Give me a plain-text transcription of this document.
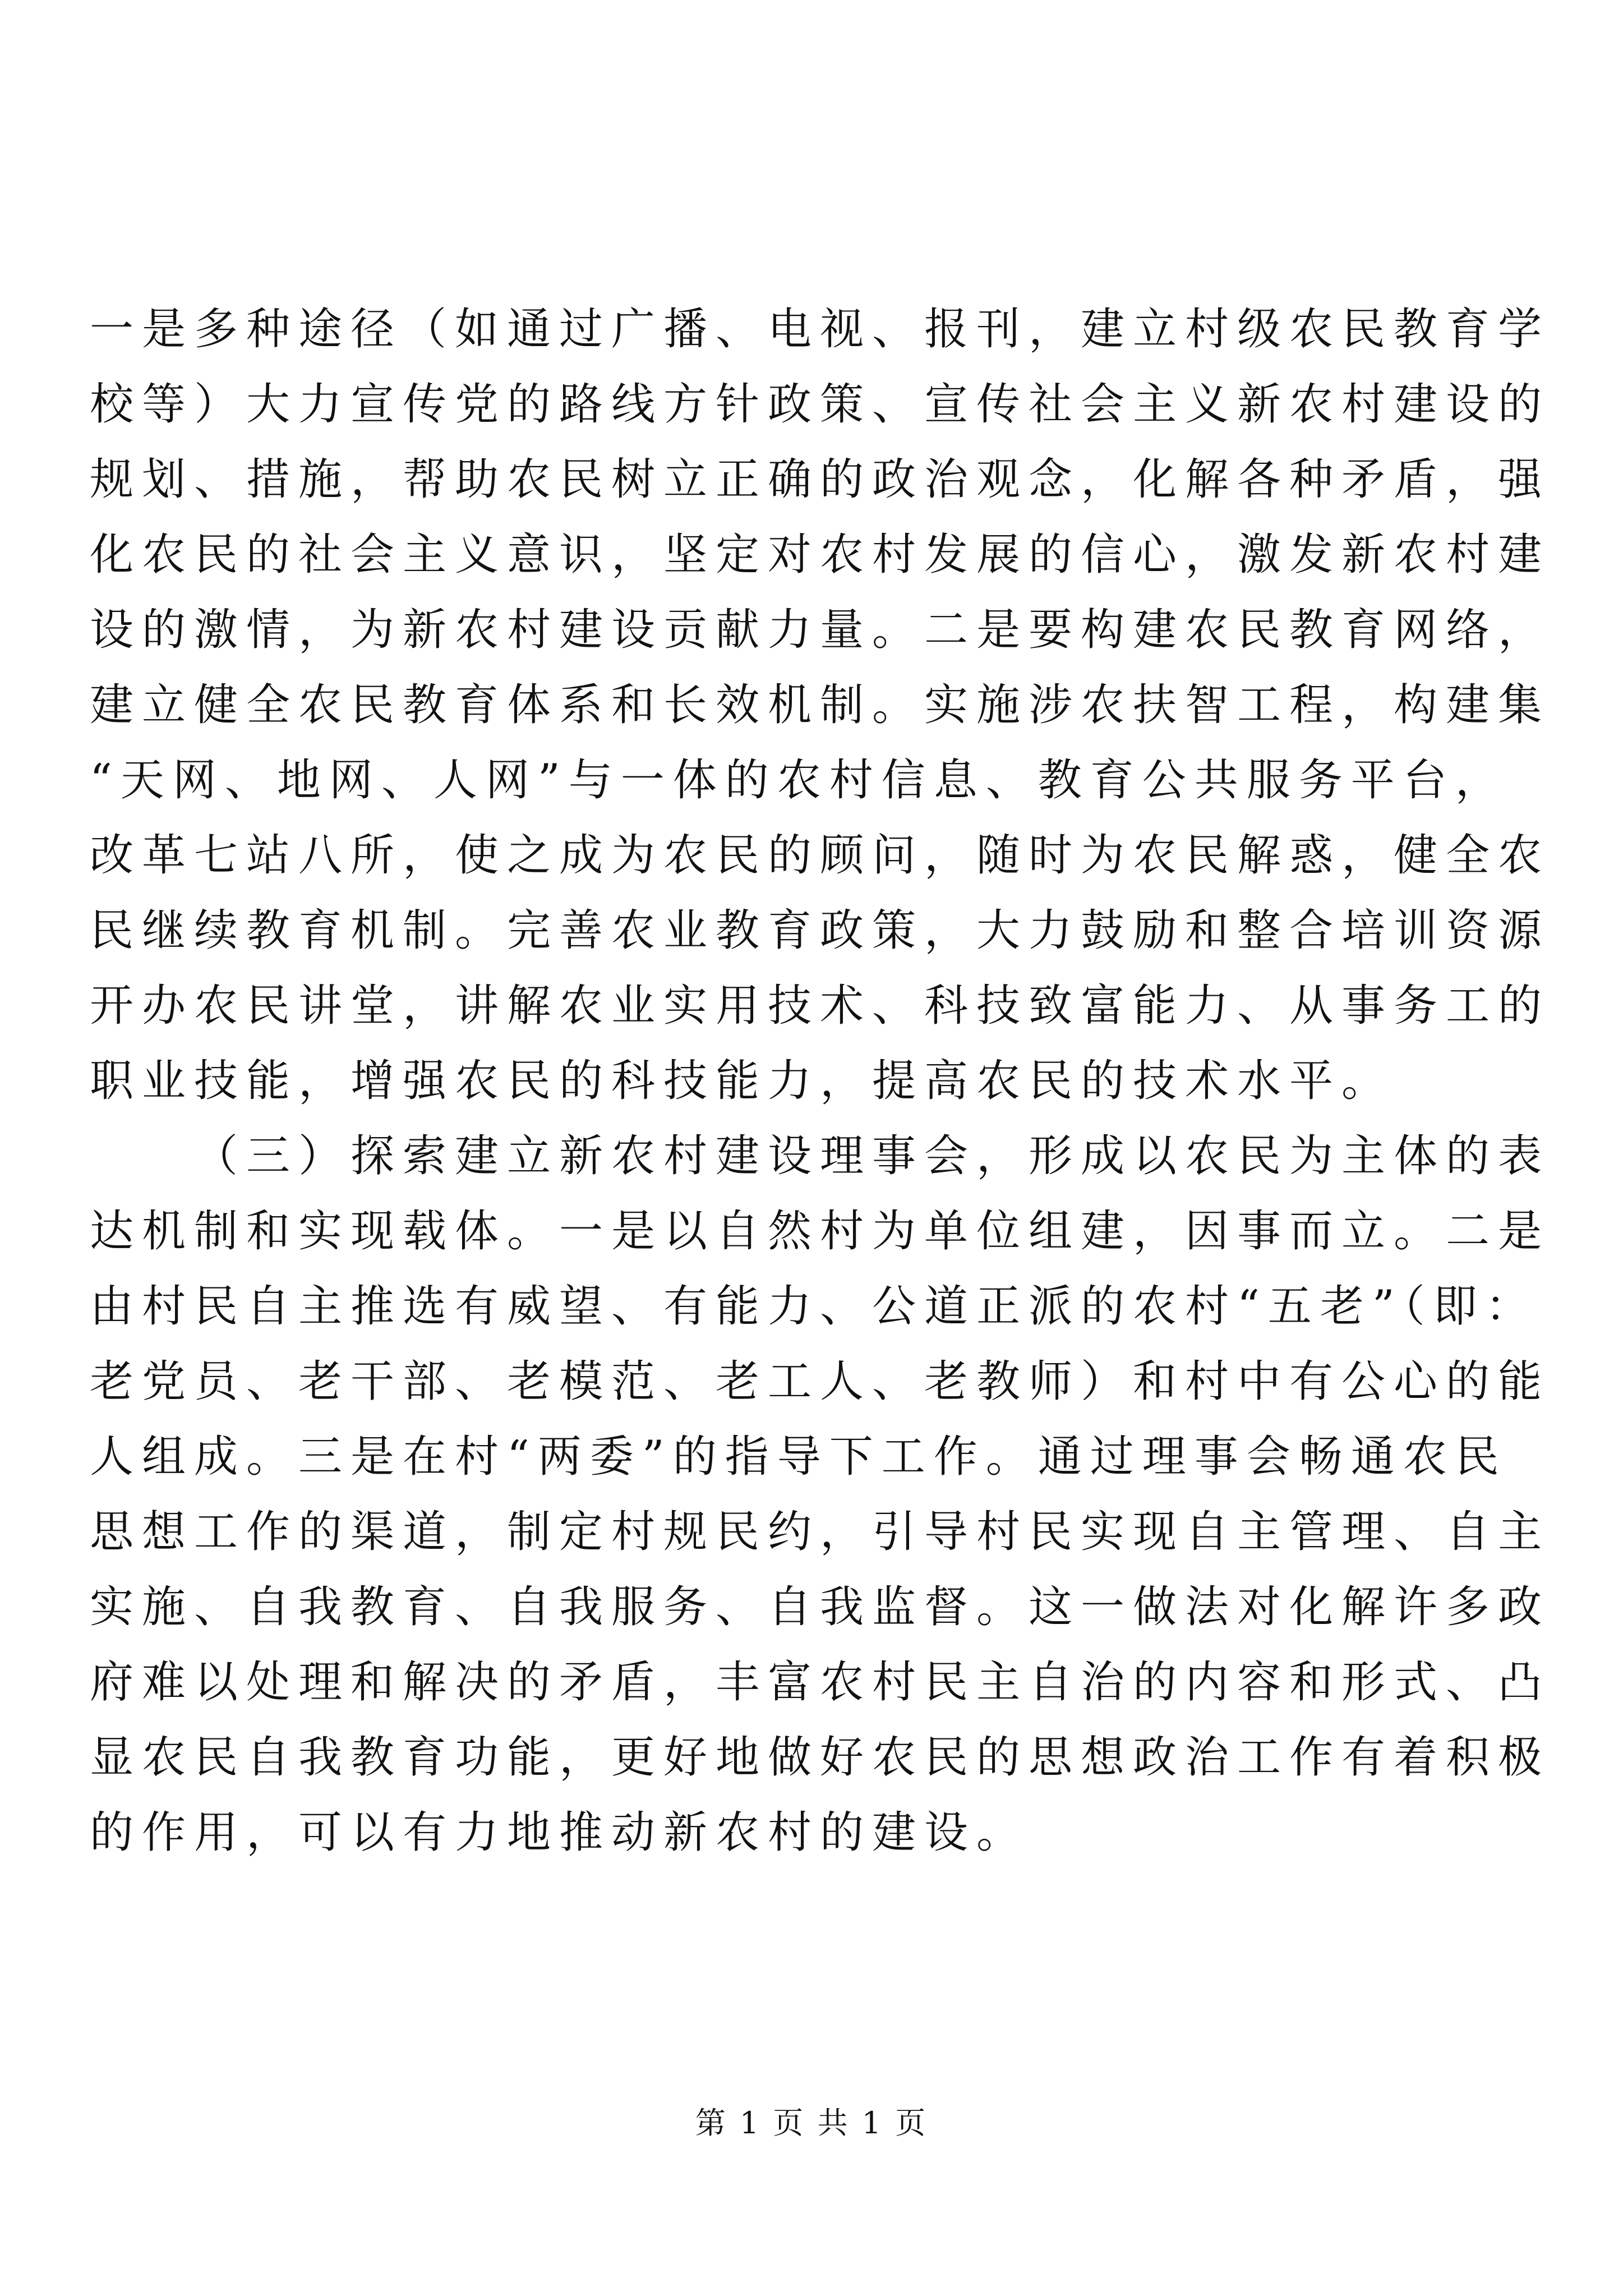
一是多种途径（如通过广播、电视、报刊，建立村级农民教育学
校等）大力宣传党的路线方针政策、宣传社会主义新农村建设的
规划、措施，帮助农民树立正确的政治观念，化解各种矛盾，强
化农民的社会主义意识，坚定对农村发展的信心，激发新农村建
设的激情，为新农村建设贡献力量。二是要构建农民教育网络，
建立健全农民教育体系和长效机制。实施涉农扶智工程，构建集
“天网、地网、人网”与一体的农村信息、教育公共服务平台，
改革七站八所，使之成为农民的顾问，随时为农民解惑，健全农
民继续教育机制。完善农业教育政策，大力鼓励和整合培训资源
开办农民讲堂，讲解农业实用技术、科技致富能力、从事务工的
职业技能，增强农民的科技能力，提高农民的技术水平。
（三）探索建立新农村建设理事会，形成以农民为主体的表
达机制和实现载体。一是以自然村为单位组建，因事而立。二是
由村民自主推选有威望、有能力、公道正派的农村“五老”（即：
老党员、老干部、老模范、老工人、老教师）和村中有公心的能
人组成。三是在村“两委”的指导下工作。通过理事会畅通农民
思想工作的渠道，制定村规民约，引导村民实现自主管理、自主
实施、自我教育、自我服务、自我监督。这一做法对化解许多政
府难以处理和解决的矛盾，丰富农村民主自治的内容和形式、凸
显农民自我教育功能，更好地做好农民的思想政治工作有着积极
的作用，可以有力地推动新农村的建设。
第 1 页 共 1 页
